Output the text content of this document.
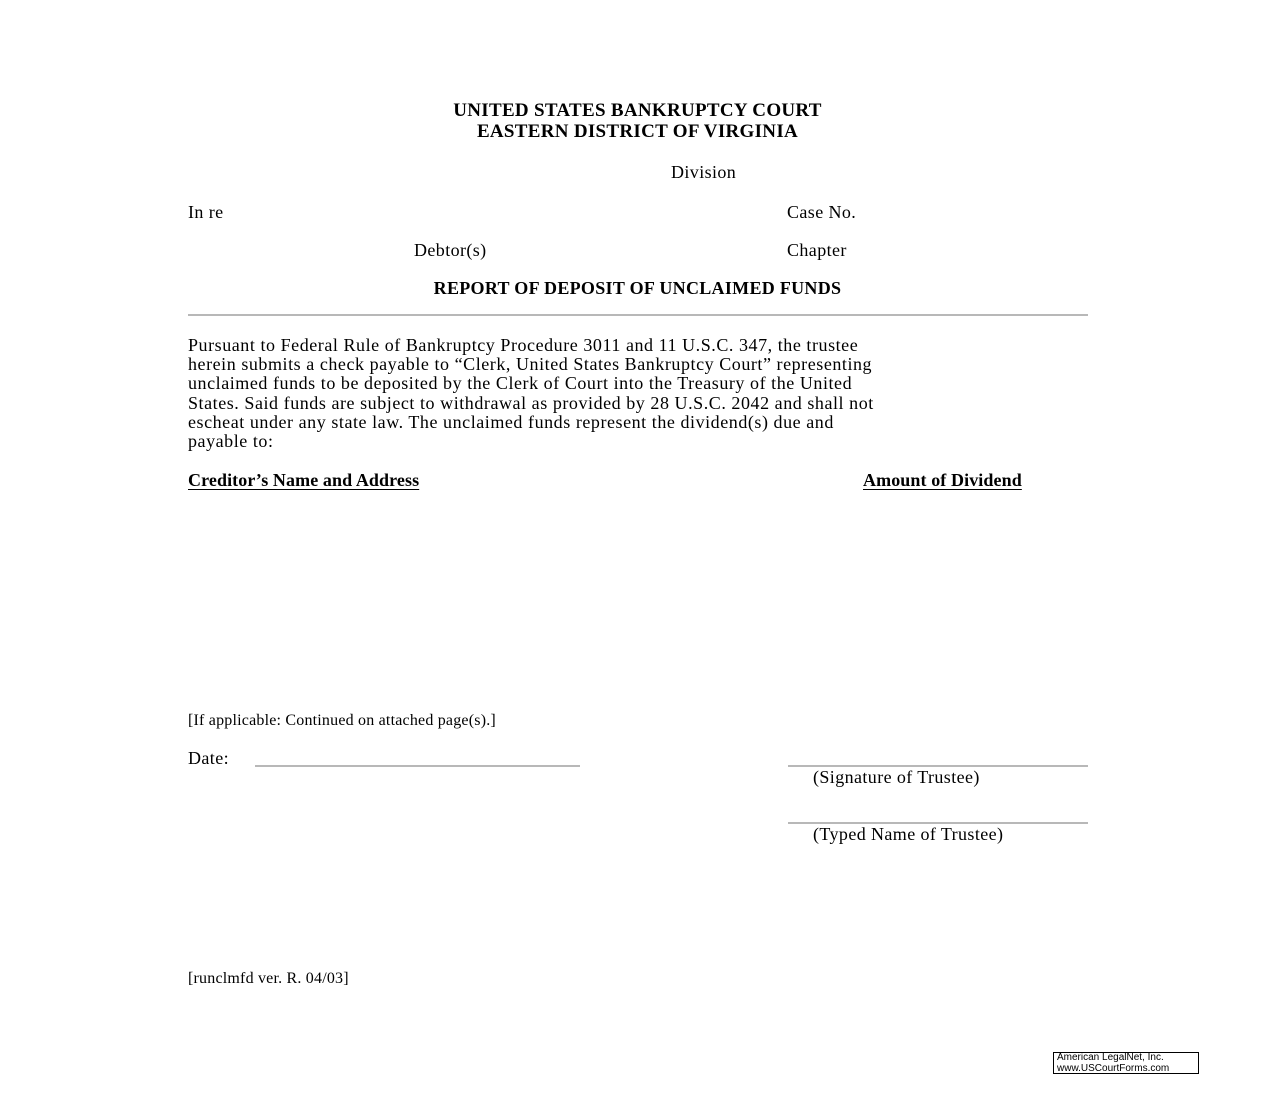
UNITED STATES BANKRUPTCY COURT
EASTERN DISTRICT OF VIRGINIA
Division
In re	Case No.
Debtor(s)	Chapter
REPORT OF DEPOSIT OF UNCLAIMED FUNDS
Pursuant to Federal Rule of Bankruptcy Procedure 3011 and 11 U.S.C. 347, the trustee
herein submits a check payable to “Clerk, United States Bankruptcy Court” representing
unclaimed funds to be deposited by the Clerk of Court into the Treasury of the United
States. Said funds are subject to withdrawal as provided by 28 U.S.C. 2042 and shall not
escheat under any state law. The unclaimed funds represent the dividend(s) due and
payable to:
Creditor’s Name and Address	Amount of Dividend
[If applicable: Continued on attached page(s).]
Date:
(Signature of Trustee)
(Typed Name of Trustee)
[runclmfd ver. R. 04/03]
American LegalNet, Inc.
www.USCourtForms.com
